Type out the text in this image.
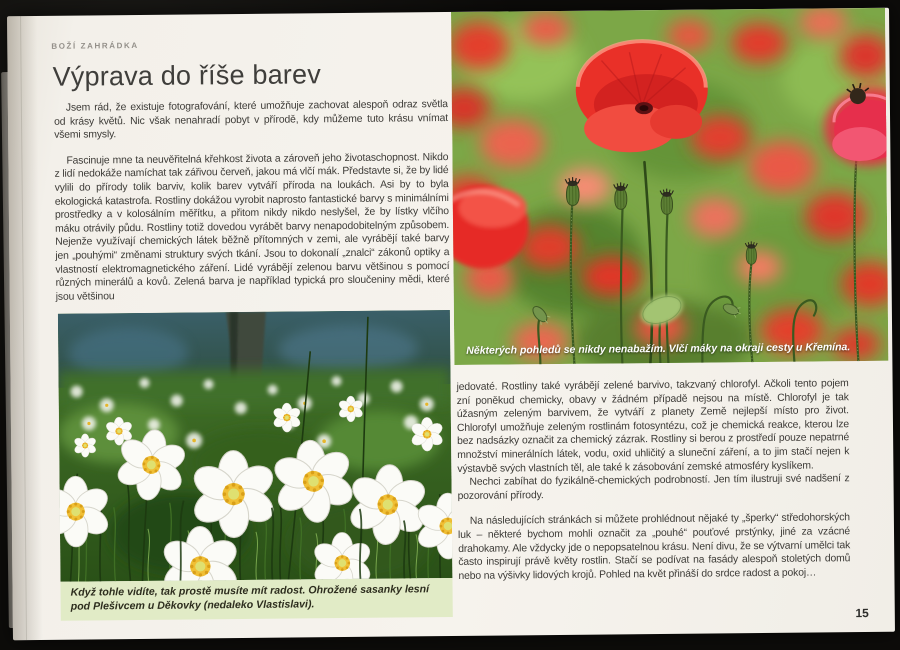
BOŽÍ ZAHRÁDKA
Výprava do říše barev

Jsem rád, že existuje fotografování, které umožňuje zachovat alespoň odraz světla od krásy květů. Nic však nenahradí pobyt v přírodě, kdy můžeme tuto krásu vnímat všemi smysly.

Fascinuje mne ta neuvěřitelná křehkost života a zároveň jeho životaschopnost. Nikdo z lidí nedokáže namíchat tak zářivou červeň, jakou má vlčí mák. Představte si, že by lidé vylili do přírody tolik barviv, kolik barev vytváří příroda na loukách. Asi by to byla ekologická katastrofa. Rostliny dokážou vyrobit naprosto fantastické barvy s minimálními prostředky a v kolosálním měřítku, a přitom nikdy nikdo neslyšel, že by lístky vlčího máku otrávily půdu. Rostliny totiž dovedou vyrábět barvy nenapodobitelným způsobem. Nejenže využívají chemických látek běžně přítomných v zemi, ale vyrábějí také barvy jen „pouhými“ změnami struktury svých tkání. Jsou to dokonalí „znalci“ zákonů optiky a vlastností elektromagnetického záření. Lidé vyrábějí zelenou barvu většinou s pomocí různých minerálů a kovů. Zelená barva je například typická pro sloučeniny mědi, které jsou většinou

Některých pohledů se nikdy nenabažím. Vlčí máky na okraji cesty u Křemína.
Když tohle vidíte, tak prostě musíte mít radost. Ohrožené sasanky lesní pod Plešivcem u Děkovky (nedaleko Vlastislavi).

jedovaté. Rostliny také vyrábějí zelené barvivo, takzvaný chlorofyl. Ačkoli tento pojem zní poněkud chemicky, obavy v žádném případě nejsou na místě. Chlorofyl je tak úžasným zeleným barvivem, že vytváří z planety Země nejlepší místo pro život. Chlorofyl umožňuje zeleným rostlinám fotosyntézu, což je chemická reakce, kterou lze bez nadsázky označit za chemický zázrak. Rostliny si berou z prostředí pouze nepatrné množství minerálních látek, vodu, oxid uhličitý a sluneční záření, a to jim stačí nejen k výstavbě svých vlastních těl, ale také k zásobování zemské atmosféry kyslíkem.

Nechci zabíhat do fyzikálně-chemických podrobností. Jen tím ilustruji své nadšení z pozorování přírody.

Na následujících stránkách si můžete prohlédnout nějaké ty „šperky“ středohorských luk – některé bychom mohli označit za „pouhé“ pouťové prstýnky, jiné za vzácné drahokamy. Ale vždycky jde o nepopsatelnou krásu. Není divu, že se výtvarní umělci tak často inspirují právě květy rostlin. Stačí se podívat na fasády alespoň stoletých domů nebo na výšivky lidových krojů. Pohled na květ přináší do srdce radost a pokoj…

15
